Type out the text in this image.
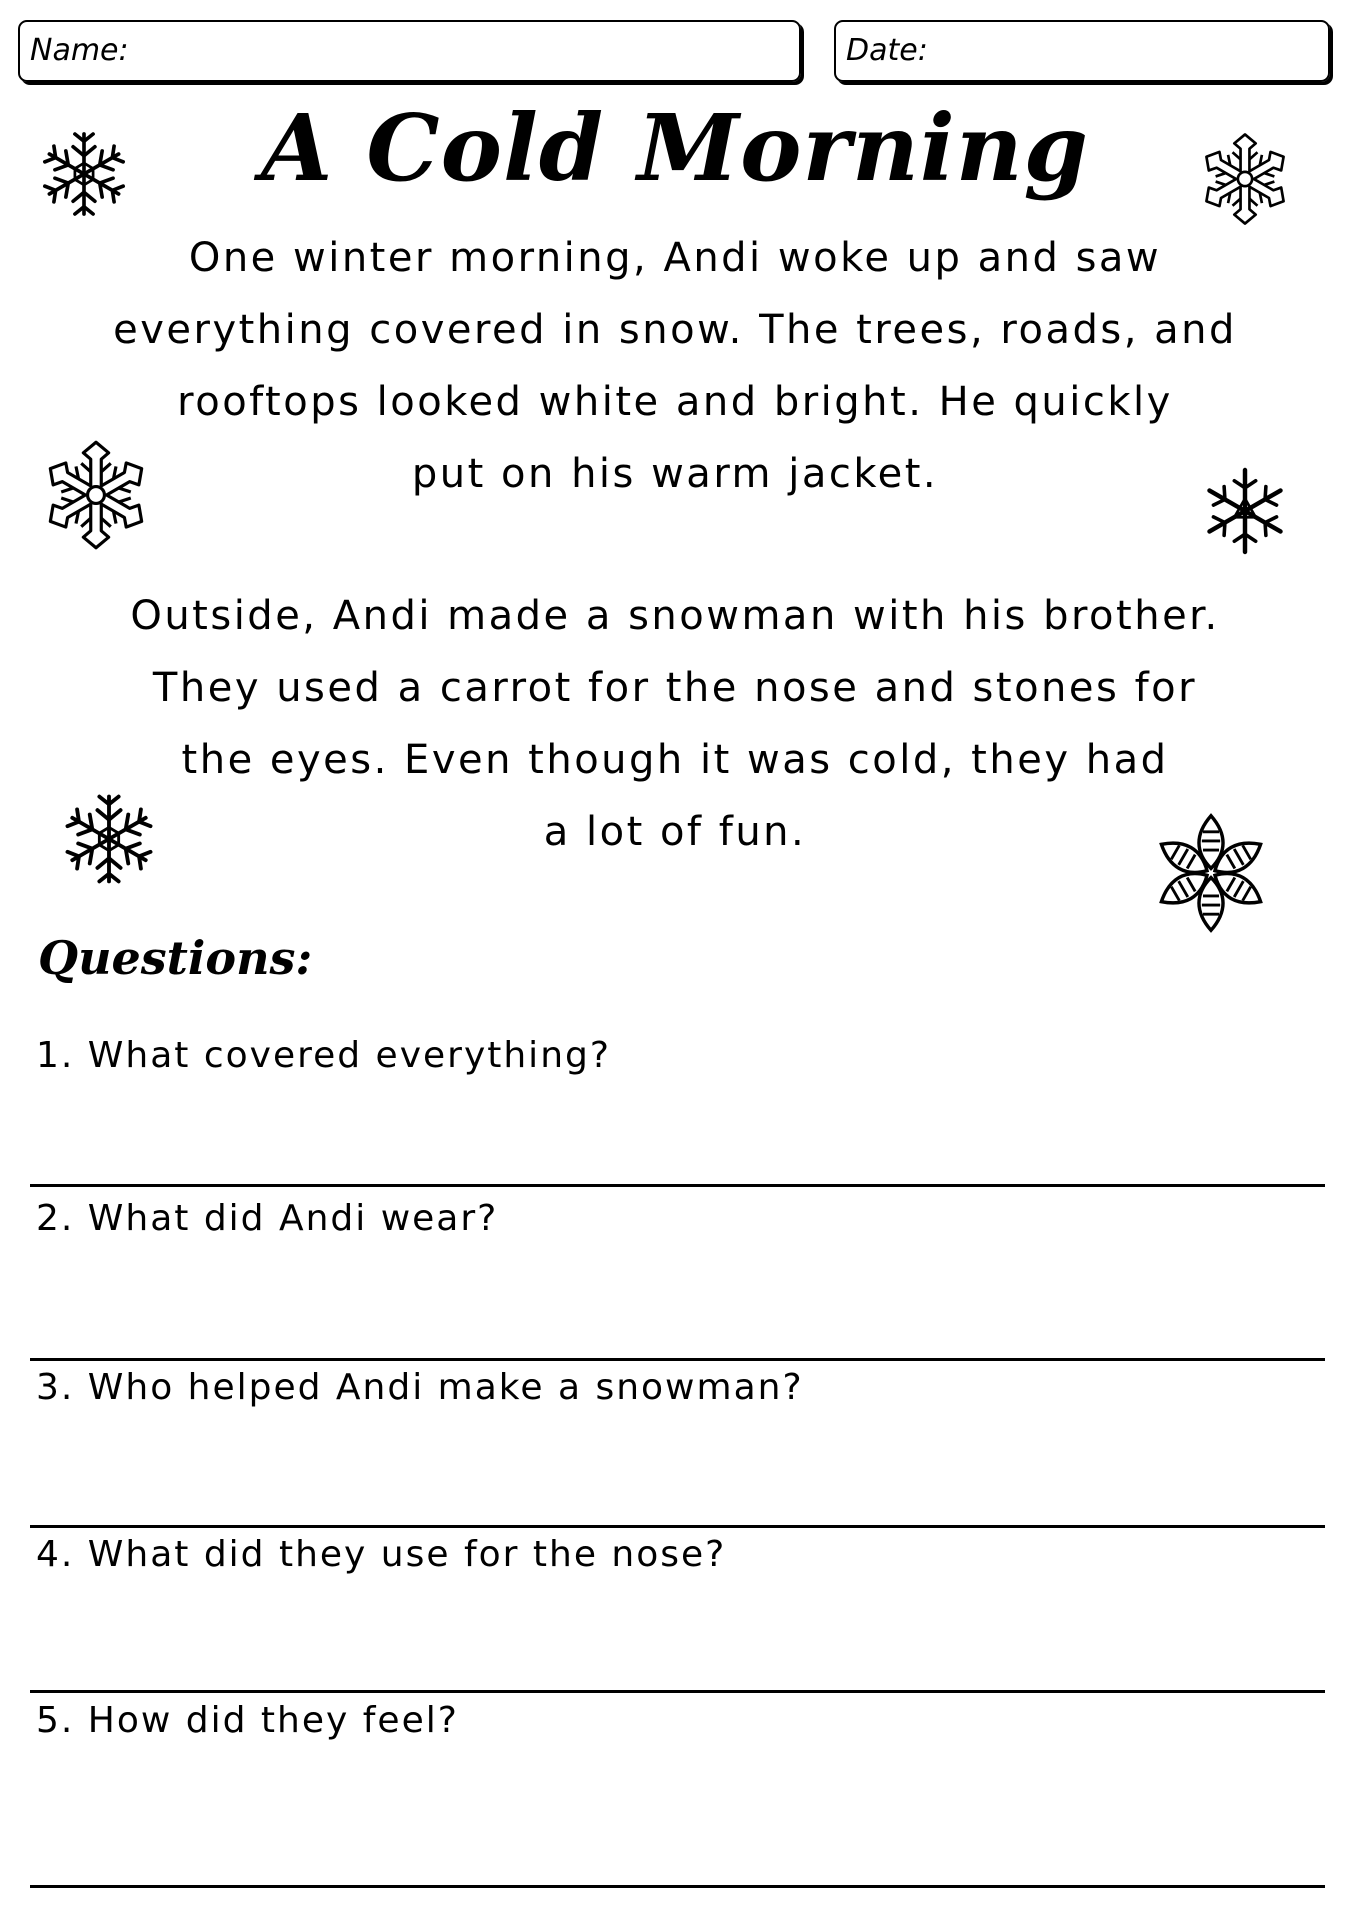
Name:	Date:
A Cold Morning
One winter morning, Andi woke up and saw
everything covered in snow. The trees, roads, and
rooftops looked white and bright. He quickly
put on his warm jacket.
Outside, Andi made a snowman with his brother.
They used a carrot for the nose and stones for
the eyes. Even though it was cold, they had
a lot of fun.
Questions:
1. What covered everything?
2. What did Andi wear?
3. Who helped Andi make a snowman?
4. What did they use for the nose?
5. How did they feel?
